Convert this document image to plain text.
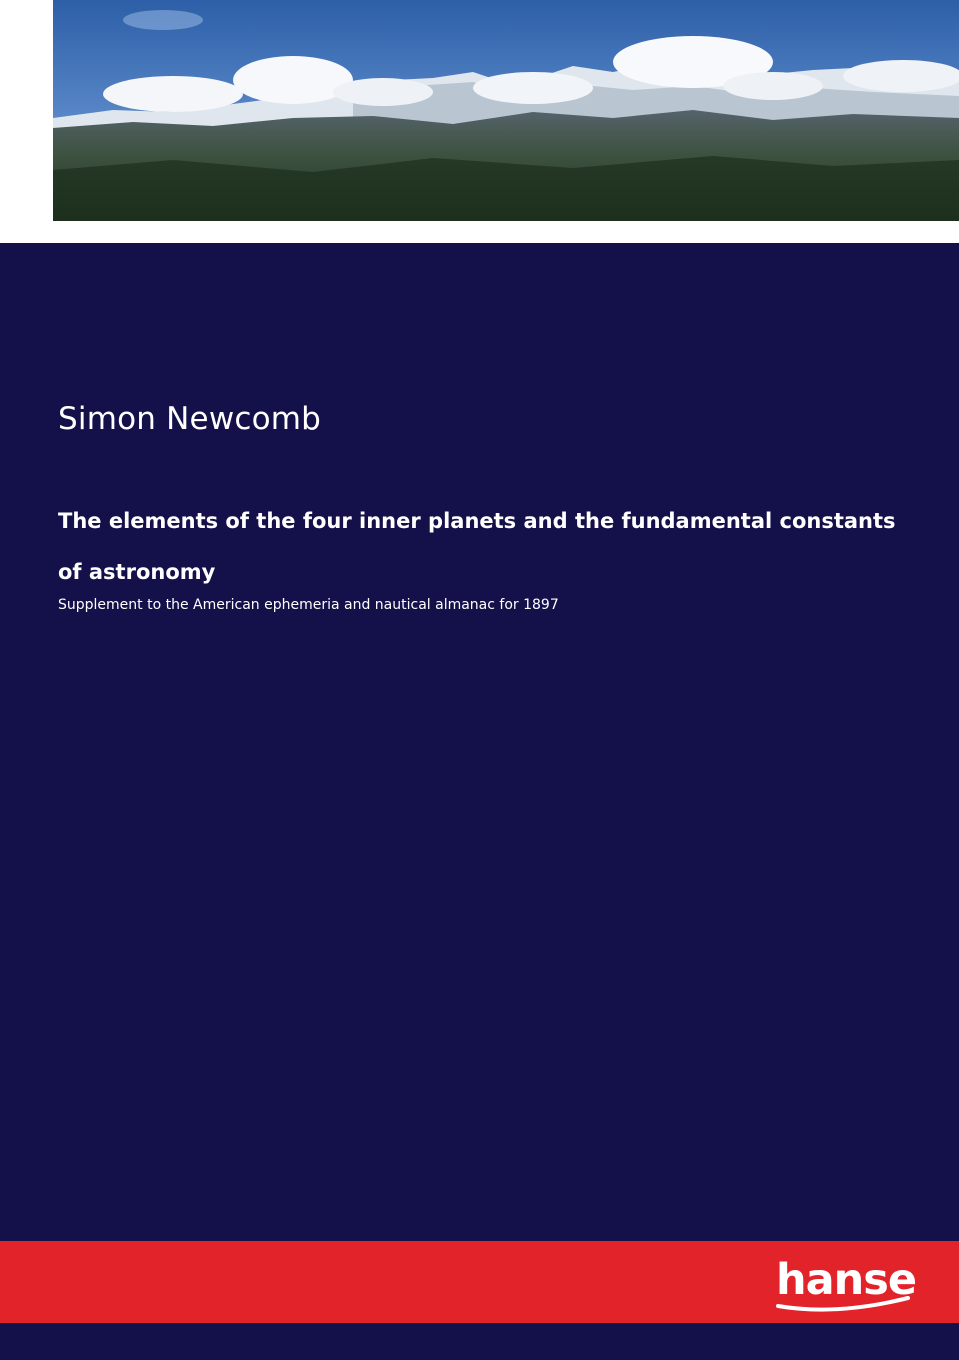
Simon Newcomb
The elements of the four inner planets and the fundamental constants of astronomy
Supplement to the American ephemeria and nautical almanac for 1897
hanse
